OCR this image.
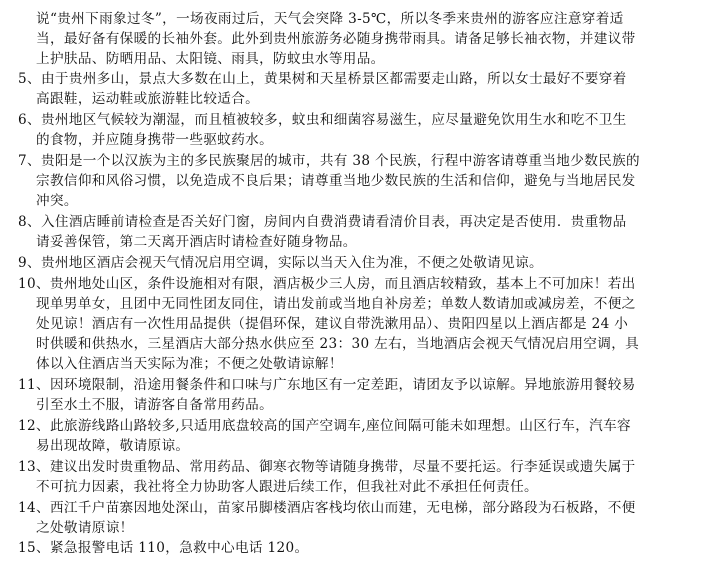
说“贵州下雨象过冬”，一场夜雨过后，天气会突降 3-5℃，所以冬季来贵州的游客应注意穿着适
当，最好备有保暖的长袖外套。此外到贵州旅游务必随身携带雨具。请备足够长袖衣物，并建议带
上护肤品、防晒用品、太阳镜、雨具，防蚊虫水等用品。
5、由于贵州多山，景点大多数在山上，黄果树和天星桥景区都需要走山路，所以女士最好不要穿着
高跟鞋，运动鞋或旅游鞋比较适合。
6、贵州地区气候较为潮湿，而且植被较多，蚊虫和细菌容易滋生，应尽量避免饮用生水和吃不卫生
的食物，并应随身携带一些驱蚊药水。
7、贵阳是一个以汉族为主的多民族聚居的城市，共有 38 个民族，行程中游客请尊重当地少数民族的
宗教信仰和风俗习惯，以免造成不良后果；请尊重当地少数民族的生活和信仰，避免与当地居民发
冲突。
8、入住酒店睡前请检查是否关好门窗，房间内自费消费请看清价目表，再决定是否使用．贵重物品
请妥善保管，第二天离开酒店时请检查好随身物品。
9、贵州地区酒店会视天气情况启用空调，实际以当天入住为准，不便之处敬请见谅。
10、贵州地处山区，条件设施相对有限，酒店极少三人房，而且酒店较精致，基本上不可加床！若出
现单男单女，且团中无同性团友同住，请出发前或当地自补房差；单数人数请加或减房差，不便之
处见谅！酒店有一次性用品提供（提倡环保，建议自带洗漱用品）、贵阳四星以上酒店都是 24 小
时供暖和供热水，三星酒店大部分热水供应至 23：30 左右，当地酒店会视天气情况启用空调，具
体以入住酒店当天实际为准；不便之处敬请谅解！
11、因环境限制，沿途用餐条件和口味与广东地区有一定差距，请团友予以谅解。异地旅游用餐较易
引至水土不服，请游客自备常用药品。
12、此旅游线路山路较多,只适用底盘较高的国产空调车,座位间隔可能未如理想。山区行车，汽车容
易出现故障，敬请原谅。
13、建议出发时贵重物品、常用药品、御寒衣物等请随身携带，尽量不要托运。行李延误或遗失属于
不可抗力因素，我社将全力协助客人跟进后续工作，但我社对此不承担任何责任。
14、西江千户苗寨因地处深山，苗家吊脚楼酒店客栈均依山而建，无电梯，部分路段为石板路，不便
之处敬请原谅！
15、紧急报警电话 110，急救中心电话 120。
